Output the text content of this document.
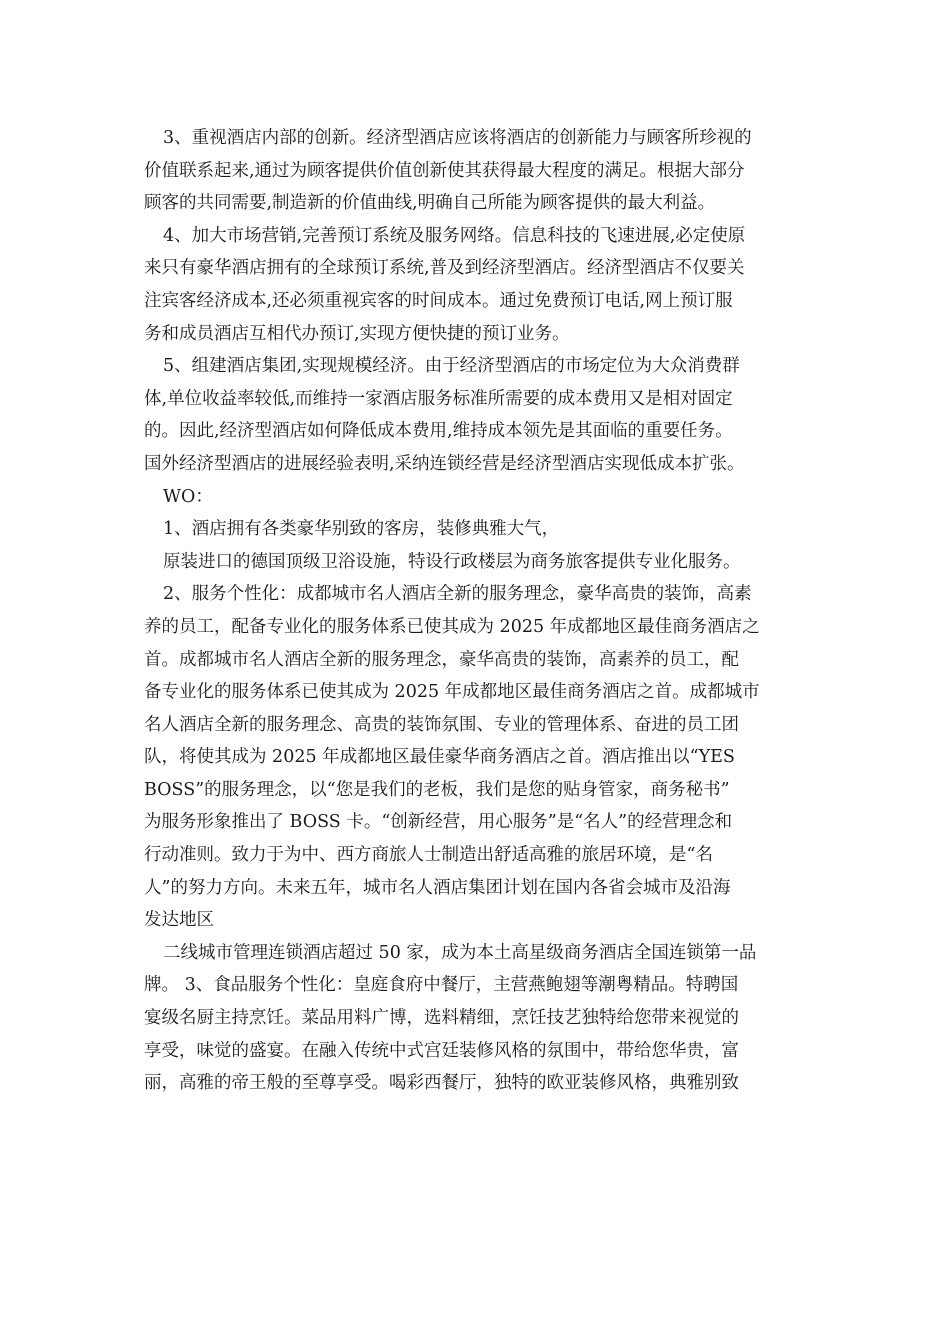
3、重视酒店内部的创新。经济型酒店应该将酒店的创新能力与顾客所珍视的
价值联系起来,通过为顾客提供价值创新使其获得最大程度的满足。根据大部分
顾客的共同需要,制造新的价值曲线,明确自己所能为顾客提供的最大利益。
4、加大市场营销,完善预订系统及服务网络。信息科技的飞速进展,必定使原
来只有豪华酒店拥有的全球预订系统,普及到经济型酒店。经济型酒店不仅要关
注宾客经济成本,还必须重视宾客的时间成本。通过免费预订电话,网上预订服
务和成员酒店互相代办预订,实现方便快捷的预订业务。
5、组建酒店集团,实现规模经济。由于经济型酒店的市场定位为大众消费群
体,单位收益率较低,而维持一家酒店服务标准所需要的成本费用又是相对固定
的。因此,经济型酒店如何降低成本费用,维持成本领先是其面临的重要任务。
国外经济型酒店的进展经验表明,采纳连锁经营是经济型酒店实现低成本扩张。
WO：
1、酒店拥有各类豪华别致的客房，装修典雅大气，
原装进口的德国顶级卫浴设施，特设行政楼层为商务旅客提供专业化服务。
2、服务个性化：成都城市名人酒店全新的服务理念，豪华高贵的装饰，高素
养的员工，配备专业化的服务体系已使其成为 2025 年成都地区最佳商务酒店之
首。成都城市名人酒店全新的服务理念，豪华高贵的装饰，高素养的员工，配
备专业化的服务体系已使其成为 2025 年成都地区最佳商务酒店之首。成都城市
名人酒店全新的服务理念、高贵的装饰氛围、专业的管理体系、奋进的员工团
队，将使其成为 2025 年成都地区最佳豪华商务酒店之首。酒店推出以“YES
BOSS”的服务理念，以“您是我们的老板，我们是您的贴身管家，商务秘书”
为服务形象推出了 BOSS 卡。“创新经营，用心服务”是“名人”的经营理念和
行动准则。致力于为中、西方商旅人士制造出舒适高雅的旅居环境，是“名
人”的努力方向。未来五年，城市名人酒店集团计划在国内各省会城市及沿海
发达地区
二线城市管理连锁酒店超过 50 家，成为本土高星级商务酒店全国连锁第一品
牌。 3、食品服务个性化：皇庭食府中餐厅，主营燕鲍翅等潮粤精品。特聘国
宴级名厨主持烹饪。菜品用料广博，选料精细，烹饪技艺独特给您带来视觉的
享受，味觉的盛宴。在融入传统中式宫廷装修风格的氛围中，带给您华贵，富
丽，高雅的帝王般的至尊享受。喝彩西餐厅，独特的欧亚装修风格，典雅别致
